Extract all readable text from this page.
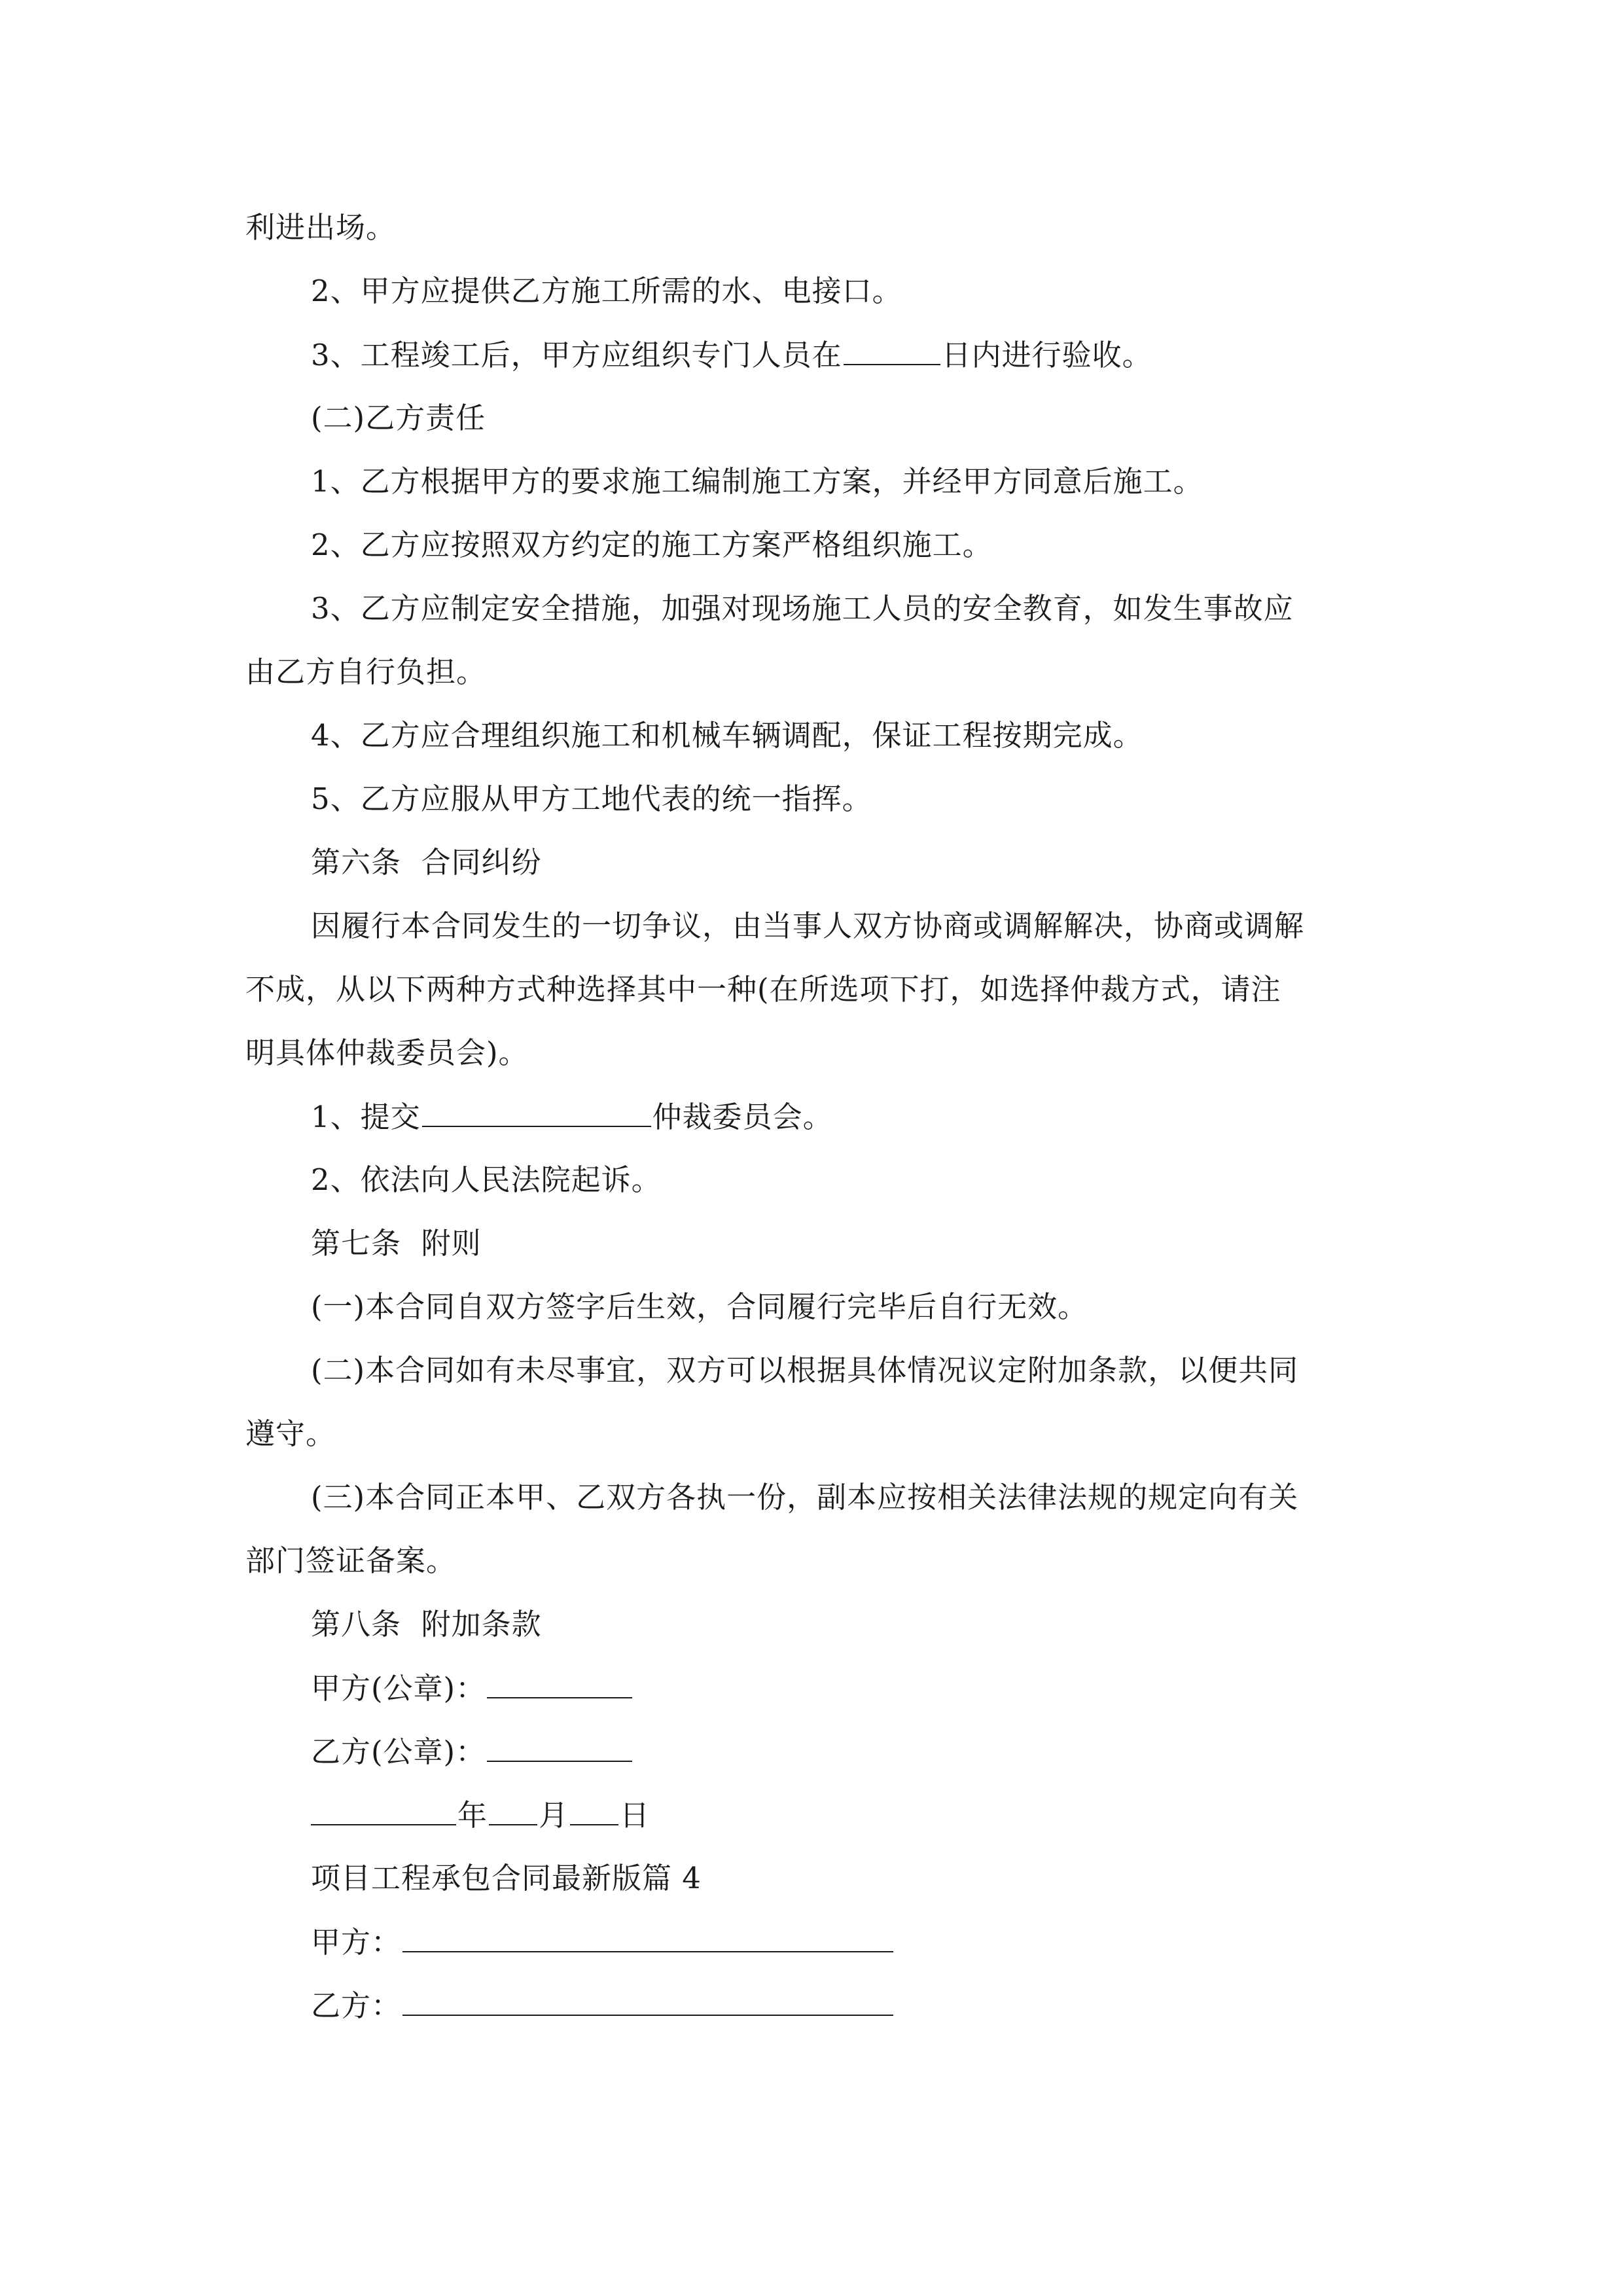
利进出场。
2、甲方应提供乙方施工所需的水、电接口。
3、工程竣工后，甲方应组织专门人员在	日内进行验收。
(二)乙方责任
1、乙方根据甲方的要求施工编制施工方案，并经甲方同意后施工。
2、乙方应按照双方约定的施工方案严格组织施工。
3、乙方应制定安全措施，加强对现场施工人员的安全教育，如发生事故应
由乙方自行负担。
4、乙方应合理组织施工和机械车辆调配，保证工程按期完成。
5、乙方应服从甲方工地代表的统一指挥。
第六条  合同纠纷
因履行本合同发生的一切争议，由当事人双方协商或调解解决，协商或调解
不成，从以下两种方式种选择其中一种(在所选项下打，如选择仲裁方式，请注
明具体仲裁委员会)。
1、提交	仲裁委员会。
2、依法向人民法院起诉。
第七条  附则
(一)本合同自双方签字后生效，合同履行完毕后自行无效。
(二)本合同如有未尽事宜，双方可以根据具体情况议定附加条款，以便共同
遵守。
(三)本合同正本甲、乙双方各执一份，副本应按相关法律法规的规定向有关
部门签证备案。
第八条  附加条款
甲方(公章)：
乙方(公章)：
年 月 日
项目工程承包合同最新版篇 4
甲方：
乙方：
